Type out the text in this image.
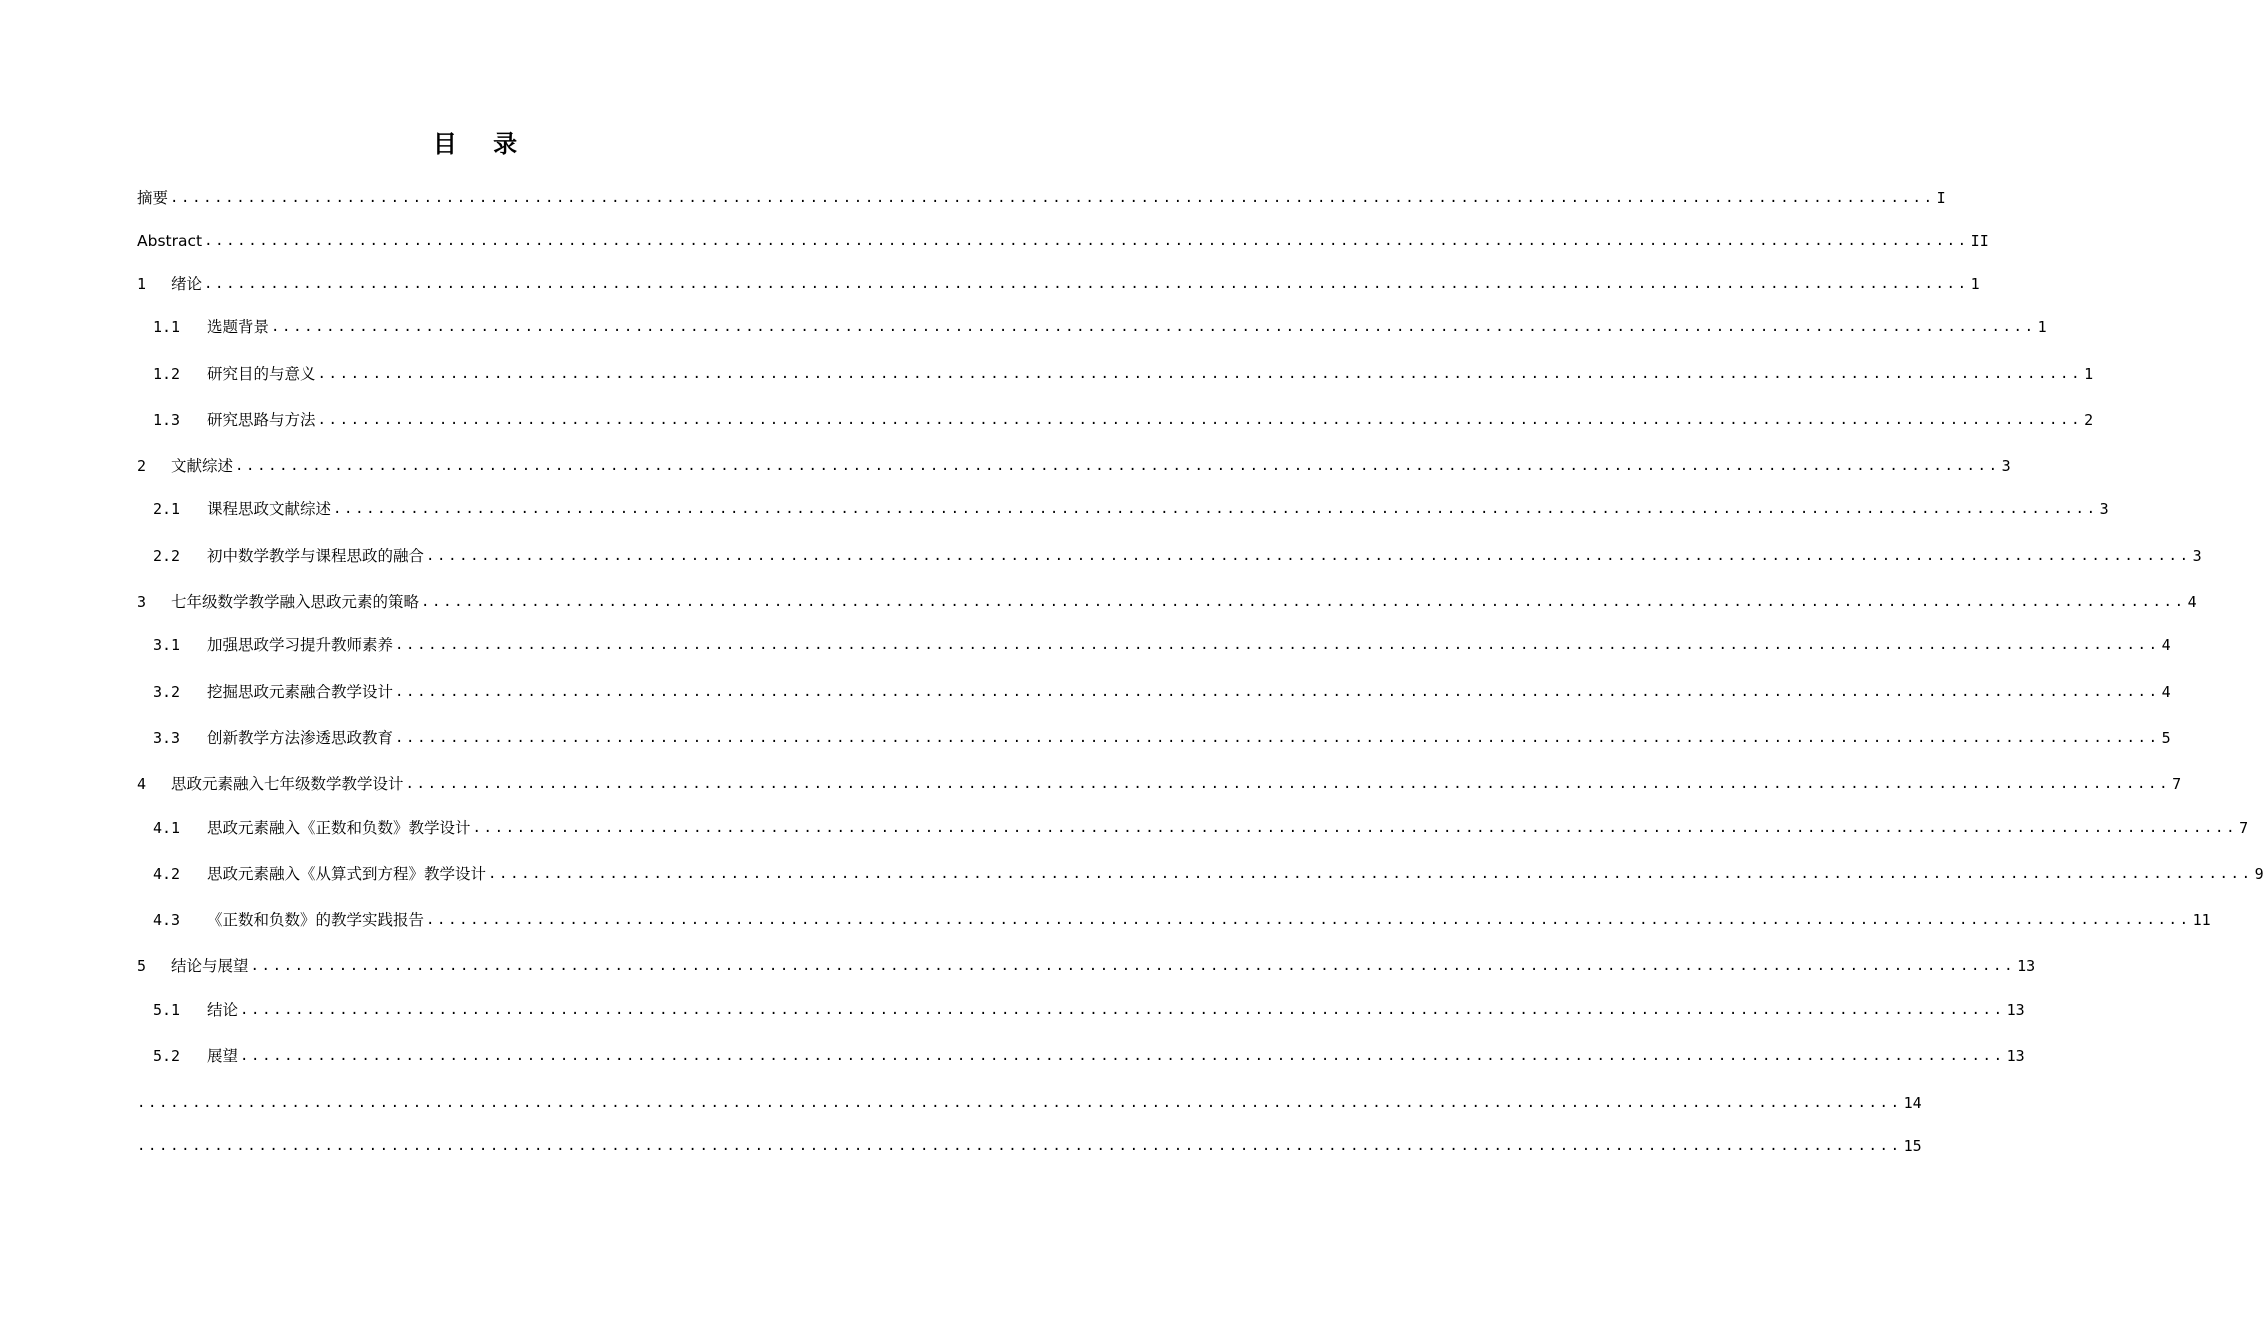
目 录
摘要 ................................................................................................................................................................ I
Abstract ................................................................................................................................................................ II
1	绪论 ................................................................................................................................................................ 1
1.1	选题背景 ................................................................................................................................................................ 1
1.2	研究目的与意义 ................................................................................................................................................................ 1
1.3	研究思路与方法 ................................................................................................................................................................ 2
2	文献综述 ................................................................................................................................................................ 3
2.1	课程思政文献综述 ................................................................................................................................................................ 3
2.2	初中数学教学与课程思政的融合 ................................................................................................................................................................ 3
3	七年级数学教学融入思政元素的策略 ................................................................................................................................................................ 4
3.1	加强思政学习提升教师素养 ................................................................................................................................................................ 4
3.2	挖掘思政元素融合教学设计 ................................................................................................................................................................ 4
3.3	创新教学方法渗透思政教育 ................................................................................................................................................................ 5
4	思政元素融入七年级数学教学设计 ................................................................................................................................................................ 7
4.1	思政元素融入《正数和负数》教学设计 ................................................................................................................................................................ 7
4.2	思政元素融入《从算式到方程》教学设计 ................................................................................................................................................................ 9
4.3	《正数和负数》的教学实践报告 ................................................................................................................................................................ 11
5	结论与展望 ................................................................................................................................................................ 13
5.1	结论 ................................................................................................................................................................ 13
5.2	展望 ................................................................................................................................................................ 13
................................................................................................................................................................ 14
................................................................................................................................................................ 15
